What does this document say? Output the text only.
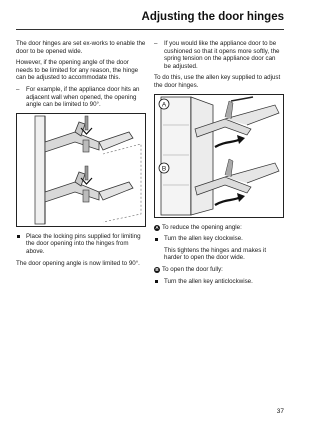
Adjusting the door hinges

The door hinges are set ex-works to enable the door to be opened wide.

However, if the opening angle of the door needs to be limited for any reason, the hinge can be adjusted to accommodate this.

– For example, if the appliance door hits an adjacent wall when opened, the opening angle can be limited to 90°.
Place the locking pins supplied for limiting the door opening into the hinges from above.

The door opening angle is now limited to 90°.

– If you would like the appliance door to be cushioned so that it opens more softly, the spring tension on the appliance door can be adjusted.

To do this, use the allen key supplied to adjust the door hinges.

A
B
A To reduce the opening angle:
Turn the allen key clockwise.
This tightens the hinges and makes it harder to open the door wide.
B To open the door fully:
Turn the allen key anticlockwise.
37
